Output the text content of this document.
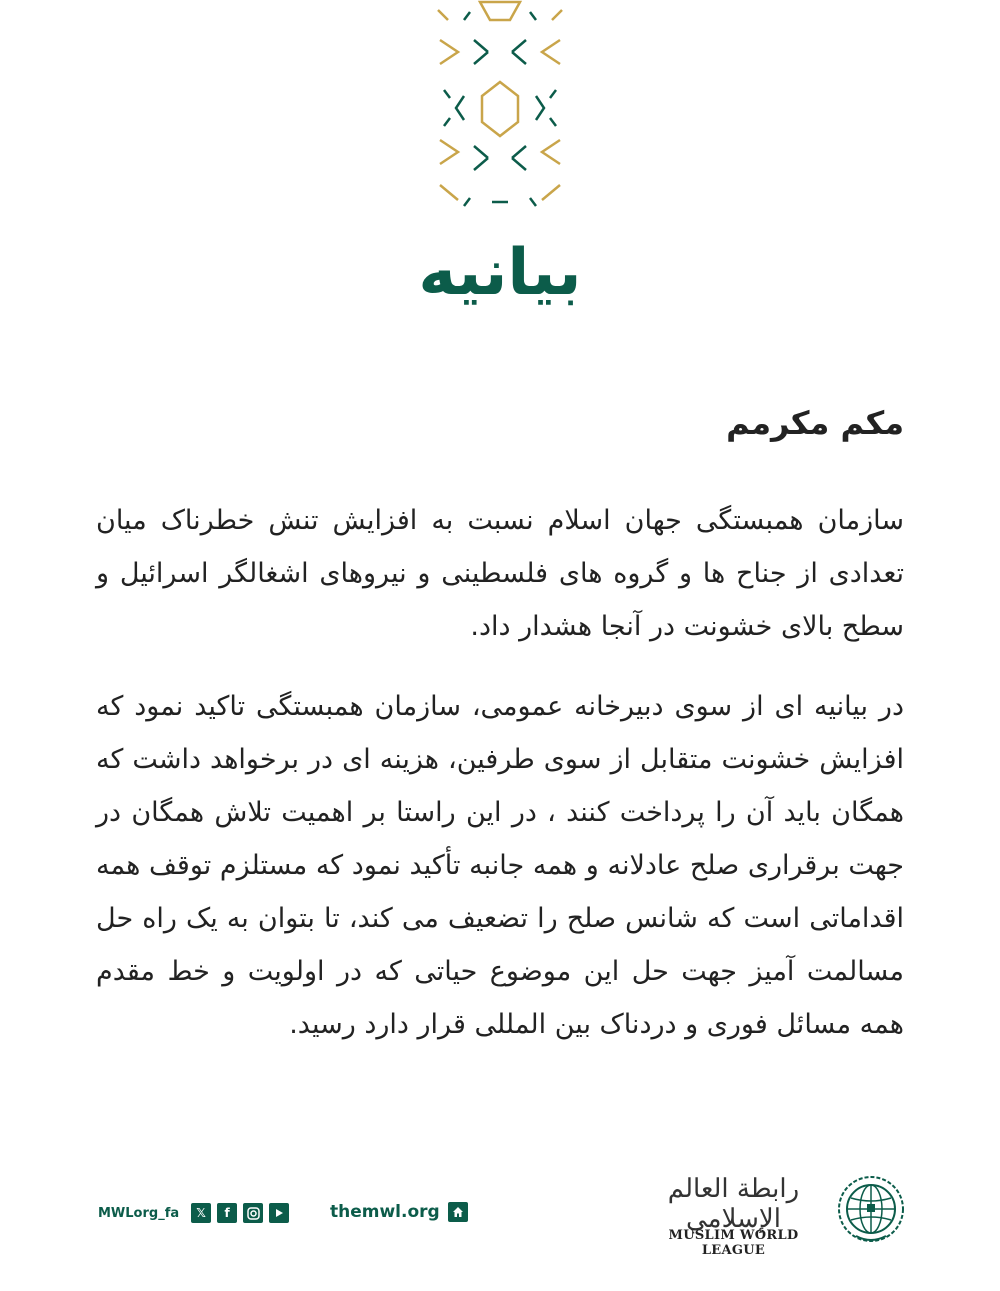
بیانیه
مکم مکرمم
سازمان همبستگی جهان اسلام نسبت به افزایش تنش خطرناک میان تعدادی از جناح ها و گروه های فلسطینی و نیروهای اشغالگر اسرائیل و سطح بالای خشونت در آنجا هشدار داد.
در بیانیه ای از سوی دبیرخانه عمومی، سازمان همبستگی تاکید نمود که افزایش خشونت متقابل از سوی طرفین، هزینه ای در برخواهد داشت که همگان باید آن را پرداخت کنند ، در این راستا بر اهمیت تلاش همگان در جهت برقراری صلح عادلانه و همه جانبه تأکید نمود که مستلزم توقف همه اقداماتی است که شانس صلح را تضعیف می کند، تا بتوان به یک راه حل مسالمت آمیز جهت حل این موضوع حیاتی که در اولویت و خط مقدم همه مسائل فوری و دردناک بین المللی قرار دارد رسید.
MWLorg_fa	𝕏	f	themwl.org
رابطة العالم الإسلامي
MUSLIM WORLD LEAGUE
